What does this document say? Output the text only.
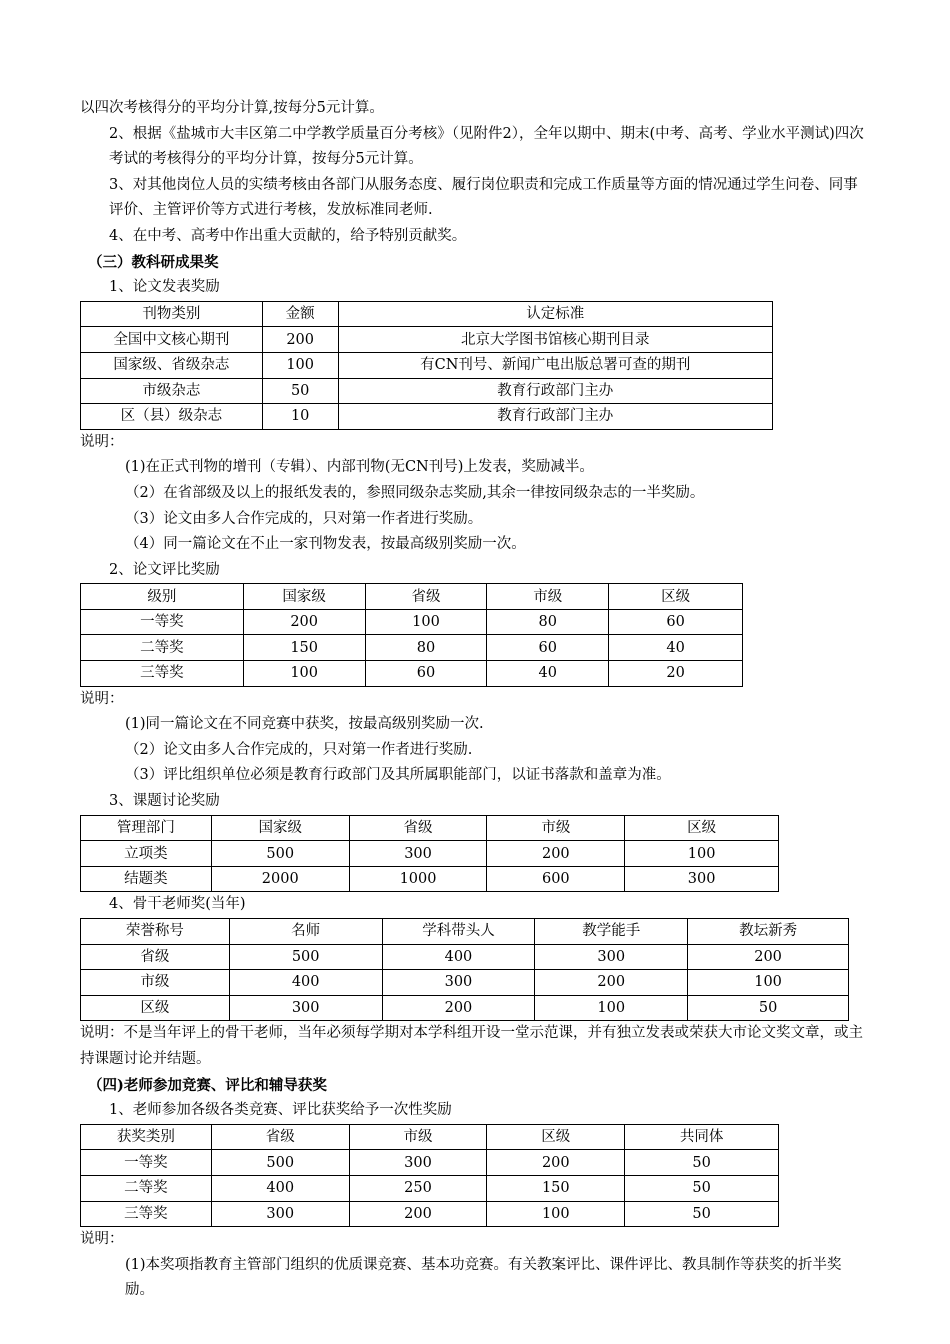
以四次考核得分的平均分计算,按每分5元计算。
2、根据《盐城市大丰区第二中学教学质量百分考核》（见附件2），全年以期中、期末(中考、高考、学业水平测试)四次考试的考核得分的平均分计算，按每分5元计算。
3、对其他岗位人员的实绩考核由各部门从服务态度、履行岗位职责和完成工作质量等方面的情况通过学生问卷、同事评价、主管评价等方式进行考核，发放标准同老师.
4、在中考、高考中作出重大贡献的，给予特别贡献奖。
（三）教科研成果奖
1、论文发表奖励
刊物类别	金额	认定标准
全国中文核心期刊	200	北京大学图书馆核心期刊目录
国家级、省级杂志	100	有CN刊号、新闻广电出版总署可查的期刊
市级杂志	50	教育行政部门主办
区（县）级杂志	10	教育行政部门主办
说明：
(1)在正式刊物的增刊（专辑）、内部刊物(无CN刊号)上发表，奖励减半。
（2）在省部级及以上的报纸发表的，参照同级杂志奖励,其余一律按同级杂志的一半奖励。
（3）论文由多人合作完成的，只对第一作者进行奖励。
（4）同一篇论文在不止一家刊物发表，按最高级别奖励一次。
2、论文评比奖励
级别	国家级	省级	市级	区级
一等奖	200	100	80	60
二等奖	150	80	60	40
三等奖	100	60	40	20
说明：
(1)同一篇论文在不同竞赛中获奖，按最高级别奖励一次.
（2）论文由多人合作完成的，只对第一作者进行奖励.
（3）评比组织单位必须是教育行政部门及其所属职能部门，以证书落款和盖章为准。
3、课题讨论奖励
管理部门	国家级	省级	市级	区级
立项类	500	300	200	100
结题类	2000	1000	600	300
4、骨干老师奖(当年)
荣誉称号	名师	学科带头人	教学能手	教坛新秀
省级	500	400	300	200
市级	400	300	200	100
区级	300	200	100	50
说明：不是当年评上的骨干老师，当年必须每学期对本学科组开设一堂示范课，并有独立发表或荣获大市论文奖文章，或主持课题讨论并结题。
（四)老师参加竞赛、评比和辅导获奖
1、老师参加各级各类竞赛、评比获奖给予一次性奖励
获奖类别	省级	市级	区级	共同体
一等奖	500	300	200	50
二等奖	400	250	150	50
三等奖	300	200	100	50
说明：
(1)本奖项指教育主管部门组织的优质课竞赛、基本功竞赛。有关教案评比、课件评比、教具制作等获奖的折半奖励。
